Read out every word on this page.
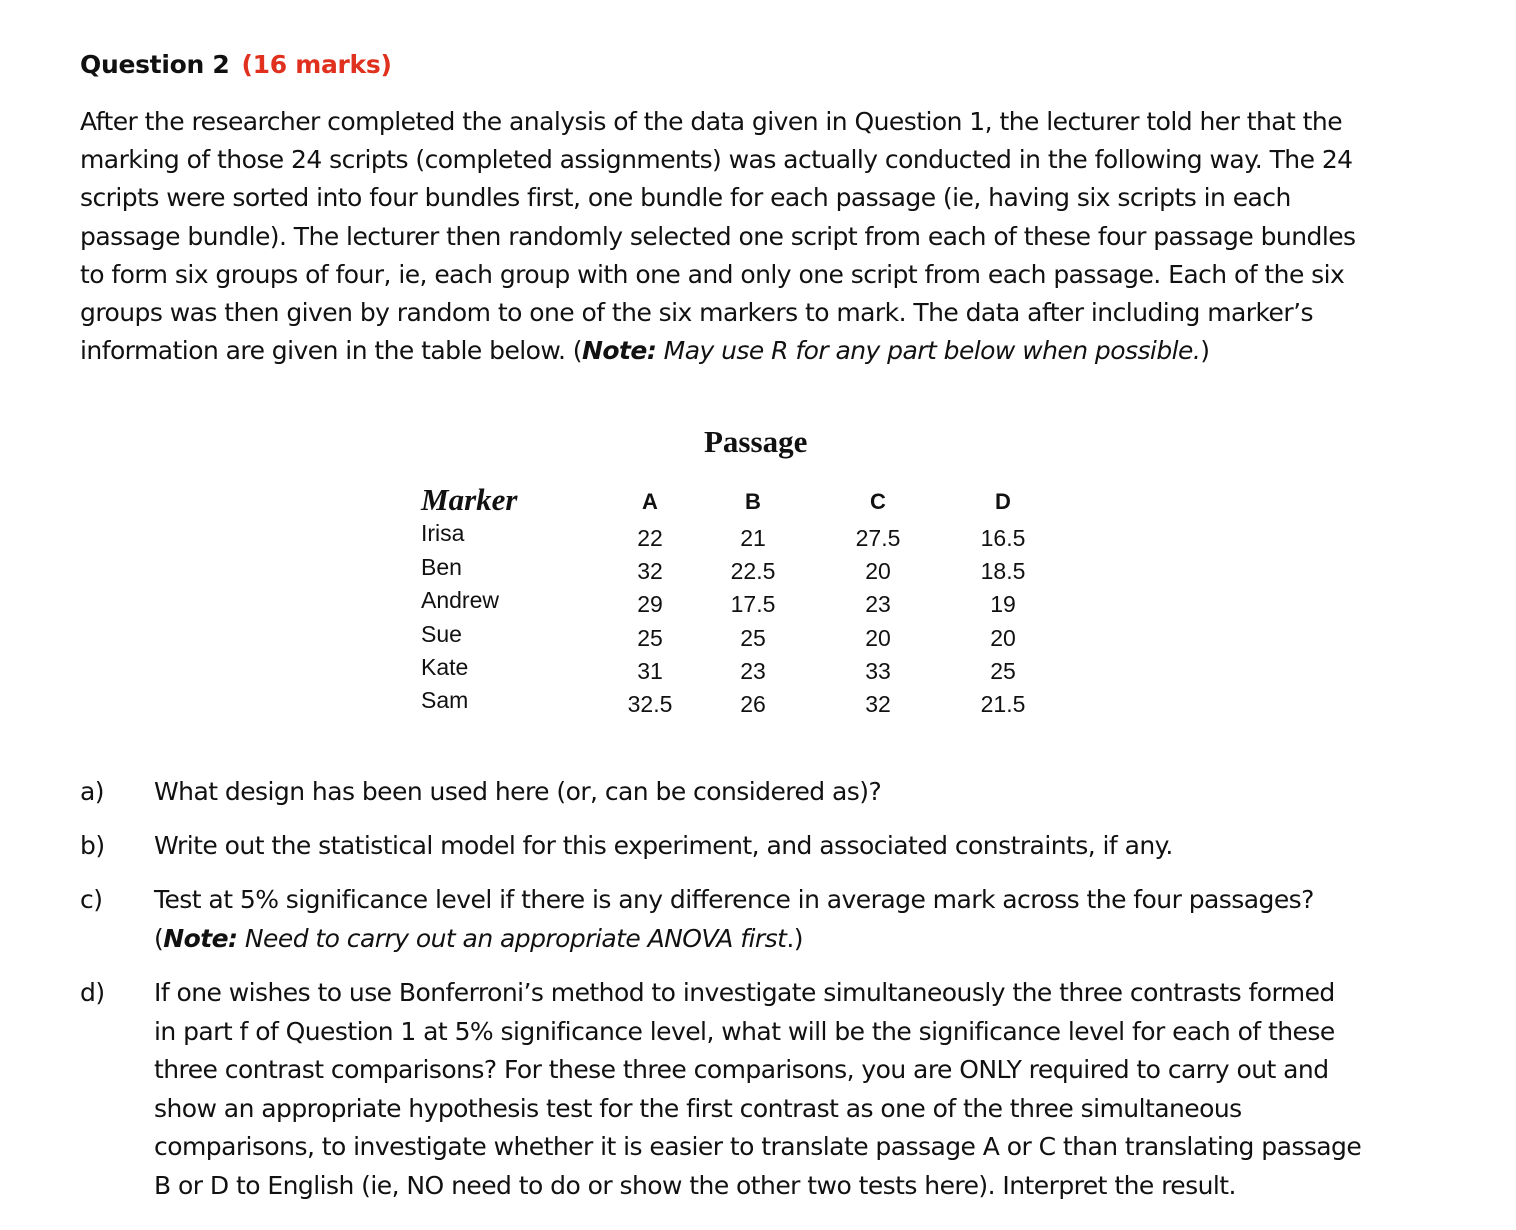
Question 2 (16 marks)
After the researcher completed the analysis of the data given in Question 1, the lecturer told her that the
marking of those 24 scripts (completed assignments) was actually conducted in the following way. The 24
scripts were sorted into four bundles first, one bundle for each passage (ie, having six scripts in each
passage bundle). The lecturer then randomly selected one script from each of these four passage bundles
to form six groups of four, ie, each group with one and only one script from each passage. Each of the six
groups was then given by random to one of the six markers to mark. The data after including marker’s
information are given in the table below. (Note: May use R for any part below when possible.)
Passage
Marker	A	B	C	D
Irisa	22	21	27.5	16.5
Ben	32	22.5	20	18.5
Andrew	29	17.5	23	19
Sue	25	25	20	20
Kate	31	23	33	25
Sam	32.5	26	32	21.5
a)	What design has been used here (or, can be considered as)?
b)	Write out the statistical model for this experiment, and associated constraints, if any.
c)	Test at 5% significance level if there is any difference in average mark across the four passages?
(Note: Need to carry out an appropriate ANOVA first.)
d)	If one wishes to use Bonferroni’s method to investigate simultaneously the three contrasts formed
in part f of Question 1 at 5% significance level, what will be the significance level for each of these
three contrast comparisons? For these three comparisons, you are ONLY required to carry out and
show an appropriate hypothesis test for the first contrast as one of the three simultaneous
comparisons, to investigate whether it is easier to translate passage A or C than translating passage
B or D to English (ie, NO need to do or show the other two tests here). Interpret the result.
